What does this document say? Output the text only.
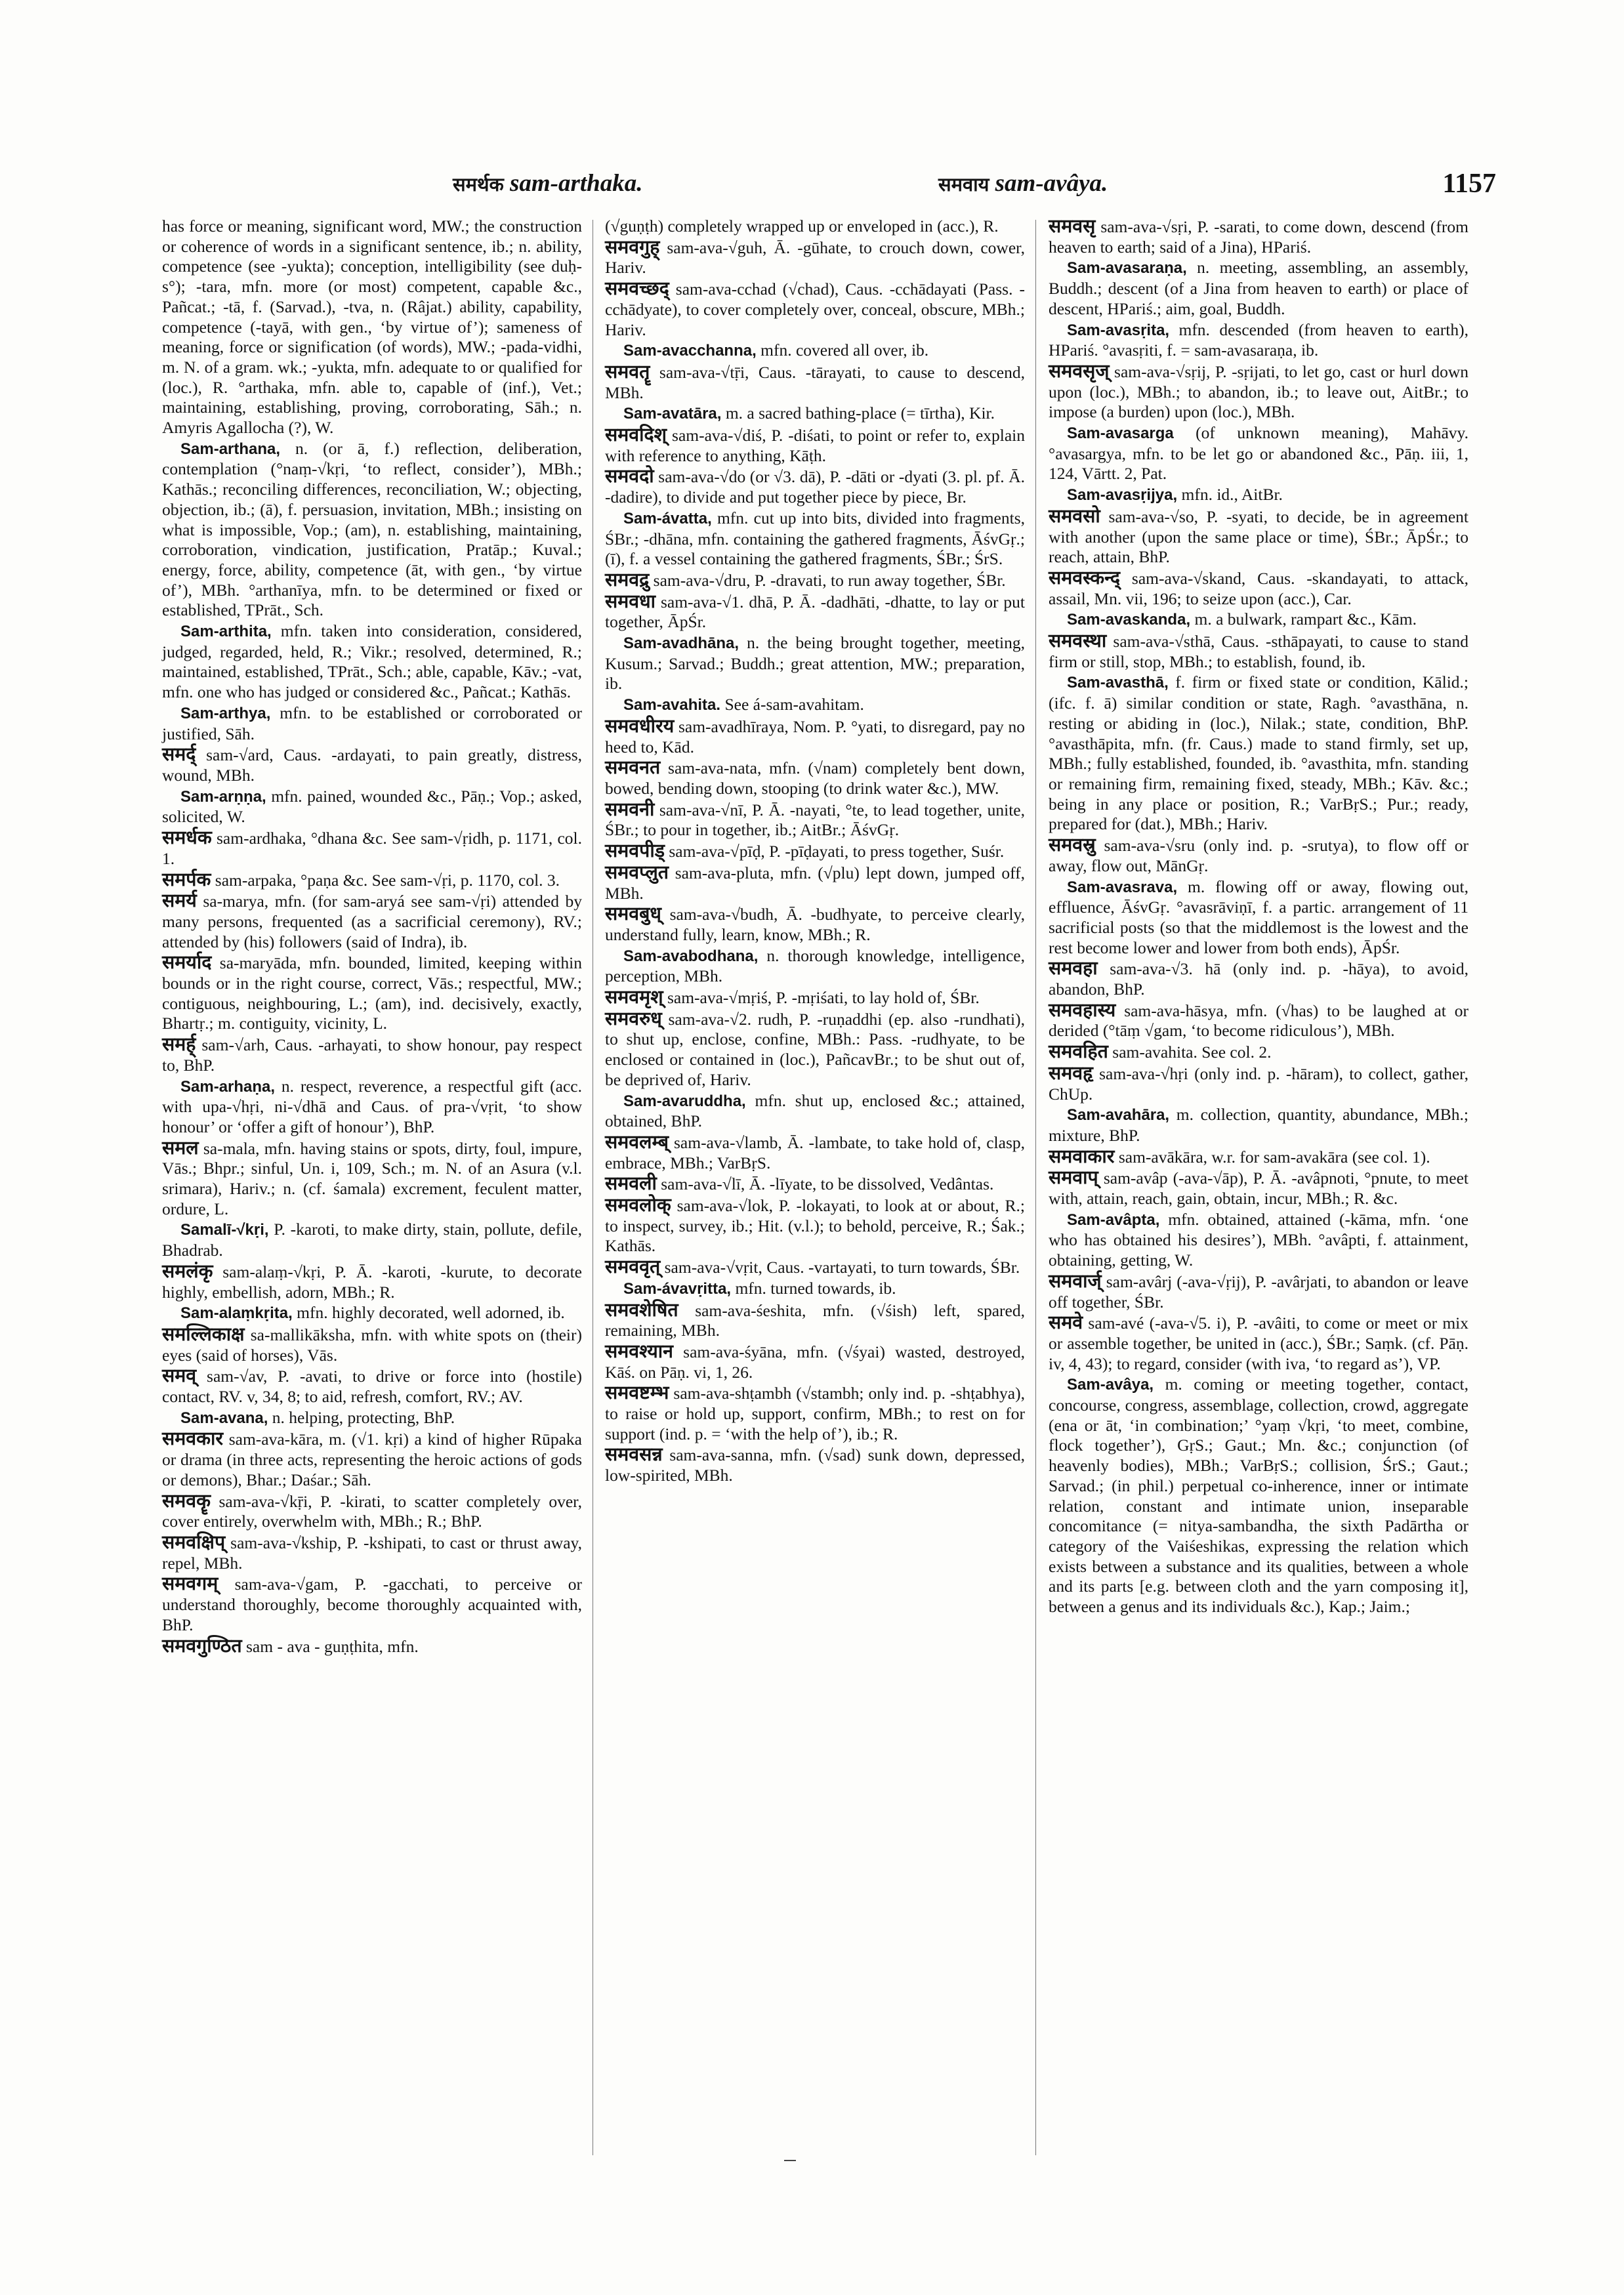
समर्थक sam-arthaka.	समवाय sam-avâya.	1157
has force or meaning, significant word, MW.; the construction or coherence of words in a significant sentence, ib.; n. ability, competence (see -yukta); conception, intelligibility (see duḥ-s°); -tara, mfn. more (or most) competent, capable &c., Pañcat.; -tā, f. (Sarvad.), -tva, n. (Râjat.) ability, capability, competence (-tayā, with gen., ‘by virtue of’); sameness of meaning, force or signification (of words), MW.; -pada-vidhi, m. N. of a gram. wk.; -yukta, mfn. adequate to or qualified for (loc.), R. °arthaka, mfn. able to, capable of (inf.), Vet.; maintaining, establishing, proving, corroborating, Sāh.; n. Amyris Agallocha (?), W.
Sam-arthana, n. (or ā, f.) reflection, deliberation, contemplation (°naṃ-√kṛi, ‘to reflect, consider’), MBh.; Kathās.; reconciling differences, reconciliation, W.; objecting, objection, ib.; (ā), f. persuasion, invitation, MBh.; insisting on what is impossible, Vop.; (am), n. establishing, maintaining, corroboration, vindication, justification, Pratāp.; Kuval.; energy, force, ability, competence (āt, with gen., ‘by virtue of’), MBh. °arthanīya, mfn. to be determined or fixed or established, TPrāt., Sch.
Sam-arthita, mfn. taken into consideration, considered, judged, regarded, held, R.; Vikr.; resolved, determined, R.; maintained, established, TPrāt., Sch.; able, capable, Kāv.; -vat, mfn. one who has judged or considered &c., Pañcat.; Kathās.
Sam-arthya, mfn. to be established or corroborated or justified, Sāh.
समर्द् sam-√ard, Caus. -ardayati, to pain greatly, distress, wound, MBh.
Sam-arṇṇa, mfn. pained, wounded &c., Pāṇ.; Vop.; asked, solicited, W.
समर्धक sam-ardhaka, °dhana &c. See sam-√ṛidh, p. 1171, col. 1.
समर्पक sam-arpaka, °paṇa &c. See sam-√ṛi, p. 1170, col. 3.
समर्य sa-marya, mfn. (for sam-aryá see sam-√ṛi) attended by many persons, frequented (as a sacrificial ceremony), RV.; attended by (his) followers (said of Indra), ib.
समर्याद sa-maryāda, mfn. bounded, limited, keeping within bounds or in the right course, correct, Vās.; respectful, MW.; contiguous, neighbouring, L.; (am), ind. decisively, exactly, Bhartṛ.; m. contiguity, vicinity, L.
समर्ह् sam-√arh, Caus. -arhayati, to show honour, pay respect to, BhP.
Sam-arhaṇa, n. respect, reverence, a respectful gift (acc. with upa-√hṛi, ni-√dhā and Caus. of pra-√vṛit, ‘to show honour’ or ‘offer a gift of honour’), BhP.
समल sa-mala, mfn. having stains or spots, dirty, foul, impure, Vās.; Bhpr.; sinful, Un. i, 109, Sch.; m. N. of an Asura (v.l. srimara), Hariv.; n. (cf. śamala) excrement, feculent matter, ordure, L.
Samalī-√kṛi, P. -karoti, to make dirty, stain, pollute, defile, Bhadrab.
समलंकृ sam-alaṃ-√kṛi, P. Ā. -karoti, -kurute, to decorate highly, embellish, adorn, MBh.; R.
Sam-alaṃkṛita, mfn. highly decorated, well adorned, ib.
समल्लिकाक्ष sa-mallikāksha, mfn. with white spots on (their) eyes (said of horses), Vās.
समव् sam-√av, P. -avati, to drive or force into (hostile) contact, RV. v, 34, 8; to aid, refresh, comfort, RV.; AV.
Sam-avana, n. helping, protecting, BhP.
समवकार sam-ava-kāra, m. (√1. kṛi) a kind of higher Rūpaka or drama (in three acts, representing the heroic actions of gods or demons), Bhar.; Daśar.; Sāh.
समवकॄ sam-ava-√kṝi, P. -kirati, to scatter completely over, cover entirely, overwhelm with, MBh.; R.; BhP.
समवक्षिप् sam-ava-√kship, P. -kshipati, to cast or thrust away, repel, MBh.
समवगम् sam-ava-√gam, P. -gacchati, to perceive or understand thoroughly, become thoroughly acquainted with, BhP.
समवगुण्ठित sam - ava - guṇṭhita, mfn.
(√guṇṭh) completely wrapped up or enveloped in (acc.), R.
समवगुह् sam-ava-√guh, Ā. -gūhate, to crouch down, cower, Hariv.
समवच्छद् sam-ava-cchad (√chad), Caus. -cchādayati (Pass. -cchādyate), to cover completely over, conceal, obscure, MBh.; Hariv.
Sam-avacchanna, mfn. covered all over, ib.
समवतॄ sam-ava-√tṝi, Caus. -tārayati, to cause to descend, MBh.
Sam-avatāra, m. a sacred bathing-place (= tīrtha), Kir.
समवदिश् sam-ava-√diś, P. -diśati, to point or refer to, explain with reference to anything, Kāṭh.
समवदो sam-ava-√do (or √3. dā), P. -dāti or -dyati (3. pl. pf. Ā. -dadire), to divide and put together piece by piece, Br.
Sam-ávatta, mfn. cut up into bits, divided into fragments, ŚBr.; -dhāna, mfn. containing the gathered fragments, ĀśvGṛ.; (ī), f. a vessel containing the gathered fragments, ŚBr.; ŚrS.
समवद्रु sam-ava-√dru, P. -dravati, to run away together, ŚBr.
समवधा sam-ava-√1. dhā, P. Ā. -dadhāti, -dhatte, to lay or put together, ĀpŚr.
Sam-avadhāna, n. the being brought together, meeting, Kusum.; Sarvad.; Buddh.; great attention, MW.; preparation, ib.
Sam-avahita. See á-sam-avahitam.
समवधीरय sam-avadhīraya, Nom. P. °yati, to disregard, pay no heed to, Kād.
समवनत sam-ava-nata, mfn. (√nam) completely bent down, bowed, bending down, stooping (to drink water &c.), MW.
समवनी sam-ava-√nī, P. Ā. -nayati, °te, to lead together, unite, ŚBr.; to pour in together, ib.; AitBr.; ĀśvGṛ.
समवपीड् sam-ava-√pīḍ, P. -pīḍayati, to press together, Suśr.
समवप्लुत sam-ava-pluta, mfn. (√plu) lept down, jumped off, MBh.
समवबुध् sam-ava-√budh, Ā. -budhyate, to perceive clearly, understand fully, learn, know, MBh.; R.
Sam-avabodhana, n. thorough knowledge, intelligence, perception, MBh.
समवमृश् sam-ava-√mṛiś, P. -mṛiśati, to lay hold of, ŚBr.
समवरुध् sam-ava-√2. rudh, P. -ruṇaddhi (ep. also -rundhati), to shut up, enclose, confine, MBh.: Pass. -rudhyate, to be enclosed or contained in (loc.), PañcavBr.; to be shut out of, be deprived of, Hariv.
Sam-avaruddha, mfn. shut up, enclosed &c.; attained, obtained, BhP.
समवलम्ब् sam-ava-√lamb, Ā. -lambate, to take hold of, clasp, embrace, MBh.; VarBṛS.
समवली sam-ava-√lī, Ā. -līyate, to be dissolved, Vedântas.
समवलोक् sam-ava-√lok, P. -lokayati, to look at or about, R.; to inspect, survey, ib.; Hit. (v.l.); to behold, perceive, R.; Śak.; Kathās.
समववृत् sam-ava-√vṛit, Caus. -vartayati, to turn towards, ŚBr.
Sam-ávavṛitta, mfn. turned towards, ib.
समवशेषित sam-ava-śeshita, mfn. (√śish) left, spared, remaining, MBh.
समवश्यान sam-ava-śyāna, mfn. (√śyai) wasted, destroyed, Kāś. on Pāṇ. vi, 1, 26.
समवष्टम्भ sam-ava-shṭambh (√stambh; only ind. p. -shṭabhya), to raise or hold up, support, confirm, MBh.; to rest on for support (ind. p. = ‘with the help of’), ib.; R.
समवसन्न sam-ava-sanna, mfn. (√sad) sunk down, depressed, low-spirited, MBh.
समवसृ sam-ava-√sṛi, P. -sarati, to come down, descend (from heaven to earth; said of a Jina), HPariś.
Sam-avasaraṇa, n. meeting, assembling, an assembly, Buddh.; descent (of a Jina from heaven to earth) or place of descent, HPariś.; aim, goal, Buddh.
Sam-avasṛita, mfn. descended (from heaven to earth), HPariś. °avasṛiti, f. = sam-avasaraṇa, ib.
समवसृज् sam-ava-√sṛij, P. -sṛijati, to let go, cast or hurl down upon (loc.), MBh.; to abandon, ib.; to leave out, AitBr.; to impose (a burden) upon (loc.), MBh.
Sam-avasarga (of unknown meaning), Mahāvy. °avasargya, mfn. to be let go or abandoned &c., Pāṇ. iii, 1, 124, Vārtt. 2, Pat.
Sam-avasṛijya, mfn. id., AitBr.
समवसो sam-ava-√so, P. -syati, to decide, be in agreement with another (upon the same place or time), ŚBr.; ĀpŚr.; to reach, attain, BhP.
समवस्कन्द् sam-ava-√skand, Caus. -skandayati, to attack, assail, Mn. vii, 196; to seize upon (acc.), Car.
Sam-avaskanda, m. a bulwark, rampart &c., Kām.
समवस्था sam-ava-√sthā, Caus. -sthāpayati, to cause to stand firm or still, stop, MBh.; to establish, found, ib.
Sam-avasthā, f. firm or fixed state or condition, Kālid.; (ifc. f. ā) similar condition or state, Ragh. °avasthāna, n. resting or abiding in (loc.), Nilak.; state, condition, BhP. °avasthāpita, mfn. (fr. Caus.) made to stand firmly, set up, MBh.; fully established, founded, ib. °avasthita, mfn. standing or remaining firm, remaining fixed, steady, MBh.; Kāv. &c.; being in any place or position, R.; VarBṛS.; Pur.; ready, prepared for (dat.), MBh.; Hariv.
समवस्रु sam-ava-√sru (only ind. p. -srutya), to flow off or away, flow out, MānGṛ.
Sam-avasrava, m. flowing off or away, flowing out, effluence, ĀśvGṛ. °avasrāviṇī, f. a partic. arrangement of 11 sacrificial posts (so that the middlemost is the lowest and the rest become lower and lower from both ends), ĀpŚr.
समवहा sam-ava-√3. hā (only ind. p. -hāya), to avoid, abandon, BhP.
समवहास्य sam-ava-hāsya, mfn. (√has) to be laughed at or derided (°tāṃ √gam, ‘to become ridiculous’), MBh.
समवहित sam-avahita. See col. 2.
समवहृ sam-ava-√hṛi (only ind. p. -hāram), to collect, gather, ChUp.
Sam-avahāra, m. collection, quantity, abundance, MBh.; mixture, BhP.
समवाकार sam-avākāra, w.r. for sam-avakāra (see col. 1).
समवाप् sam-avâp (-ava-√āp), P. Ā. -avâpnoti, °pnute, to meet with, attain, reach, gain, obtain, incur, MBh.; R. &c.
Sam-avâpta, mfn. obtained, attained (-kāma, mfn. ‘one who has obtained his desires’), MBh. °avâpti, f. attainment, obtaining, getting, W.
समवार्ज् sam-avârj (-ava-√ṛij), P. -avârjati, to abandon or leave off together, ŚBr.
समवे sam-avé (-ava-√5. i), P. -avâiti, to come or meet or mix or assemble together, be united in (acc.), ŚBr.; Saṃk. (cf. Pāṇ. iv, 4, 43); to regard, consider (with iva, ‘to regard as’), VP.
Sam-avâya, m. coming or meeting together, contact, concourse, congress, assemblage, collection, crowd, aggregate (ena or āt, ‘in combination;’ °yaṃ √kṛi, ‘to meet, combine, flock together’), GṛS.; Gaut.; Mn. &c.; conjunction (of heavenly bodies), MBh.; VarBṛS.; collision, ŚrS.; Gaut.; Sarvad.; (in phil.) perpetual co-inherence, inner or intimate relation, constant and intimate union, inseparable concomitance (= nitya-sambandha, the sixth Padārtha or category of the Vaiśeshikas, expressing the relation which exists between a substance and its qualities, between a whole and its parts [e.g. between cloth and the yarn composing it], between a genus and its individuals &c.), Kap.; Jaim.;
